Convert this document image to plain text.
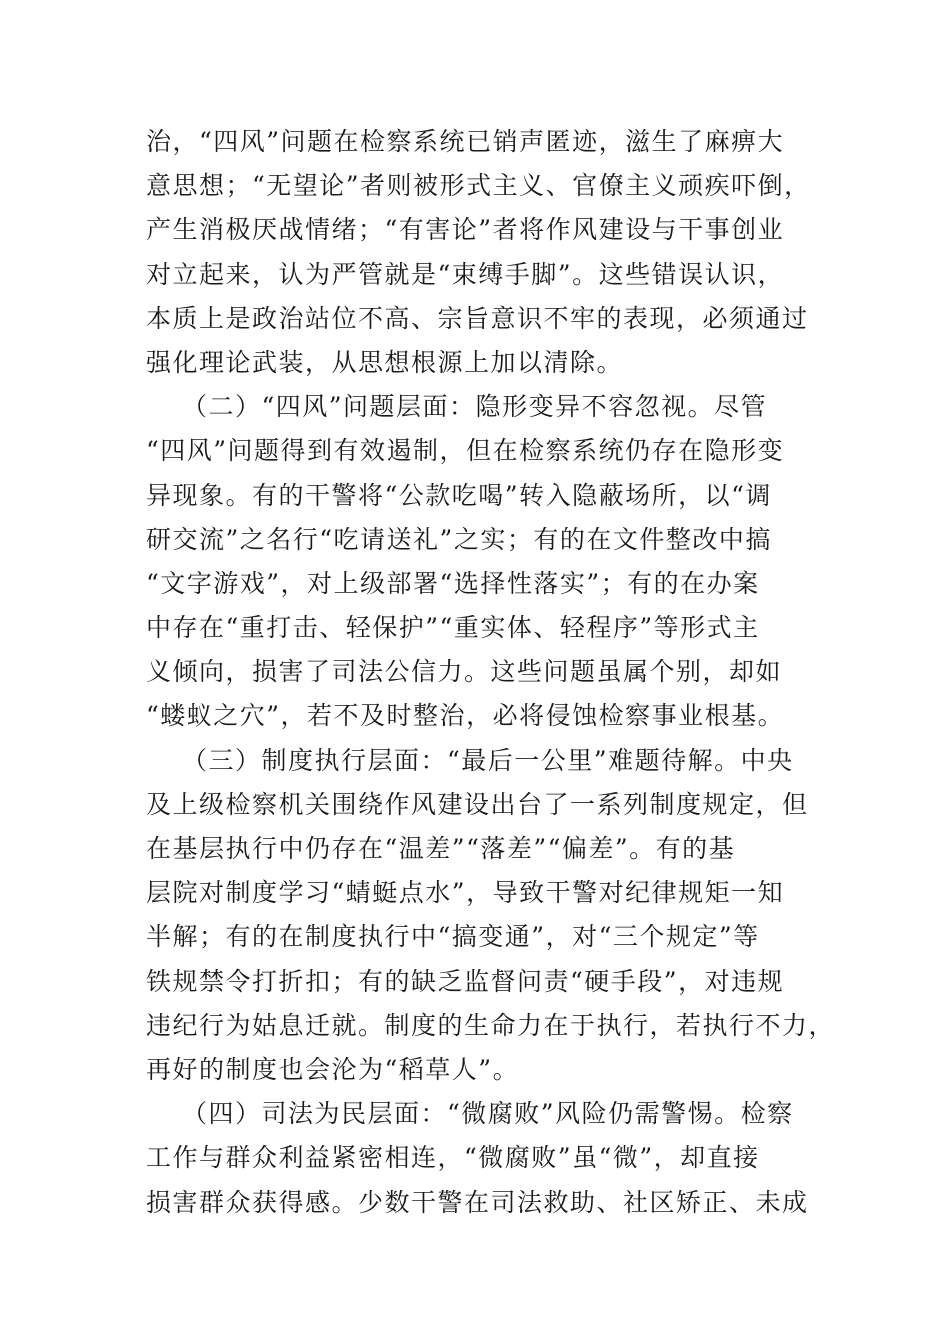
治，“四风”问题在检察系统已销声匿迹，滋生了麻痹大
意思想；“无望论”者则被形式主义、官僚主义顽疾吓倒，
产生消极厌战情绪；“有害论”者将作风建设与干事创业
对立起来，认为严管就是“束缚手脚”。这些错误认识，
本质上是政治站位不高、宗旨意识不牢的表现，必须通过
强化理论武装，从思想根源上加以清除。
（二）“四风”问题层面：隐形变异不容忽视。尽管
“四风”问题得到有效遏制，但在检察系统仍存在隐形变
异现象。有的干警将“公款吃喝”转入隐蔽场所，以“调
研交流”之名行“吃请送礼”之实；有的在文件整改中搞
“文字游戏”，对上级部署“选择性落实”；有的在办案
中存在“重打击、轻保护”“重实体、轻程序”等形式主
义倾向，损害了司法公信力。这些问题虽属个别，却如
“蝼蚁之穴”，若不及时整治，必将侵蚀检察事业根基。
（三）制度执行层面：“最后一公里”难题待解。中央
及上级检察机关围绕作风建设出台了一系列制度规定，但
在基层执行中仍存在“温差”“落差”“偏差”。有的基
层院对制度学习“蜻蜓点水”，导致干警对纪律规矩一知
半解；有的在制度执行中“搞变通”，对“三个规定”等
铁规禁令打折扣；有的缺乏监督问责“硬手段”，对违规
违纪行为姑息迁就。制度的生命力在于执行，若执行不力，
再好的制度也会沦为“稻草人”。
（四）司法为民层面：“微腐败”风险仍需警惕。检察
工作与群众利益紧密相连，“微腐败”虽“微”，却直接
损害群众获得感。少数干警在司法救助、社区矫正、未成
